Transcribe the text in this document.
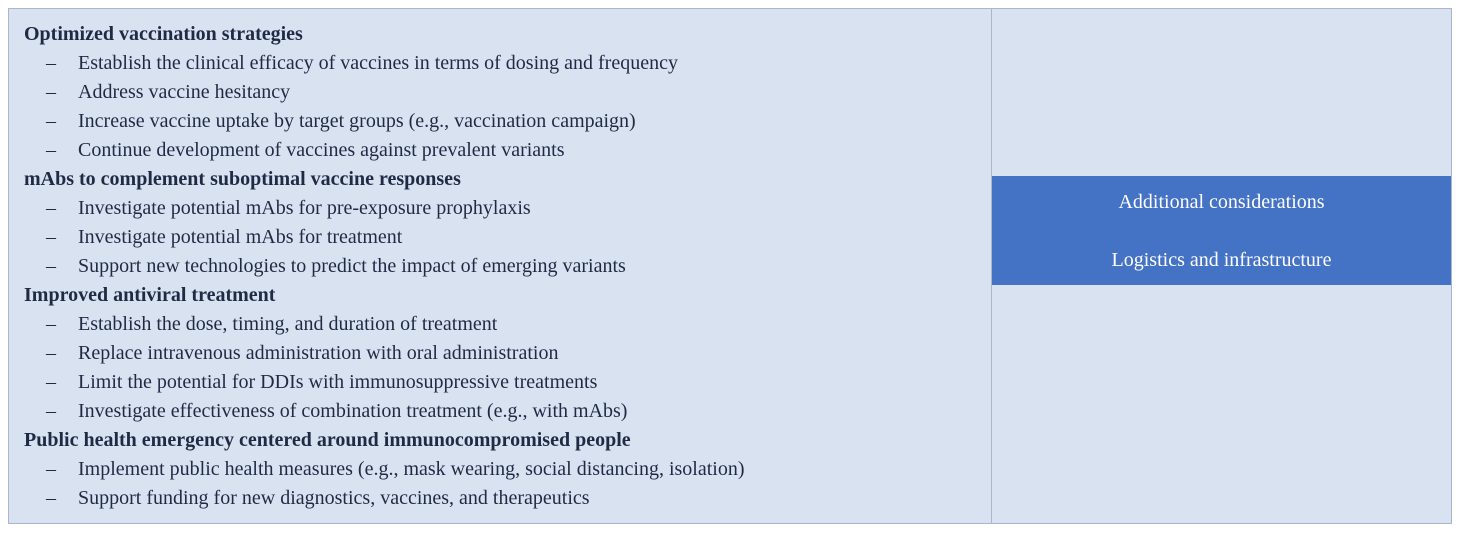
Optimized vaccination strategies
– Establish the clinical efficacy of vaccines in terms of dosing and frequency
– Address vaccine hesitancy
– Increase vaccine uptake by target groups (e.g., vaccination campaign)
– Continue development of vaccines against prevalent variants
mAbs to complement suboptimal vaccine responses
– Investigate potential mAbs for pre-exposure prophylaxis
– Investigate potential mAbs for treatment
– Support new technologies to predict the impact of emerging variants
Improved antiviral treatment
– Establish the dose, timing, and duration of treatment
– Replace intravenous administration with oral administration
– Limit the potential for DDIs with immunosuppressive treatments
– Investigate effectiveness of combination treatment (e.g., with mAbs)
Public health emergency centered around immunocompromised people
– Implement public health measures (e.g., mask wearing, social distancing, isolation)
– Support funding for new diagnostics, vaccines, and therapeutics
Additional considerations
Logistics and infrastructure
